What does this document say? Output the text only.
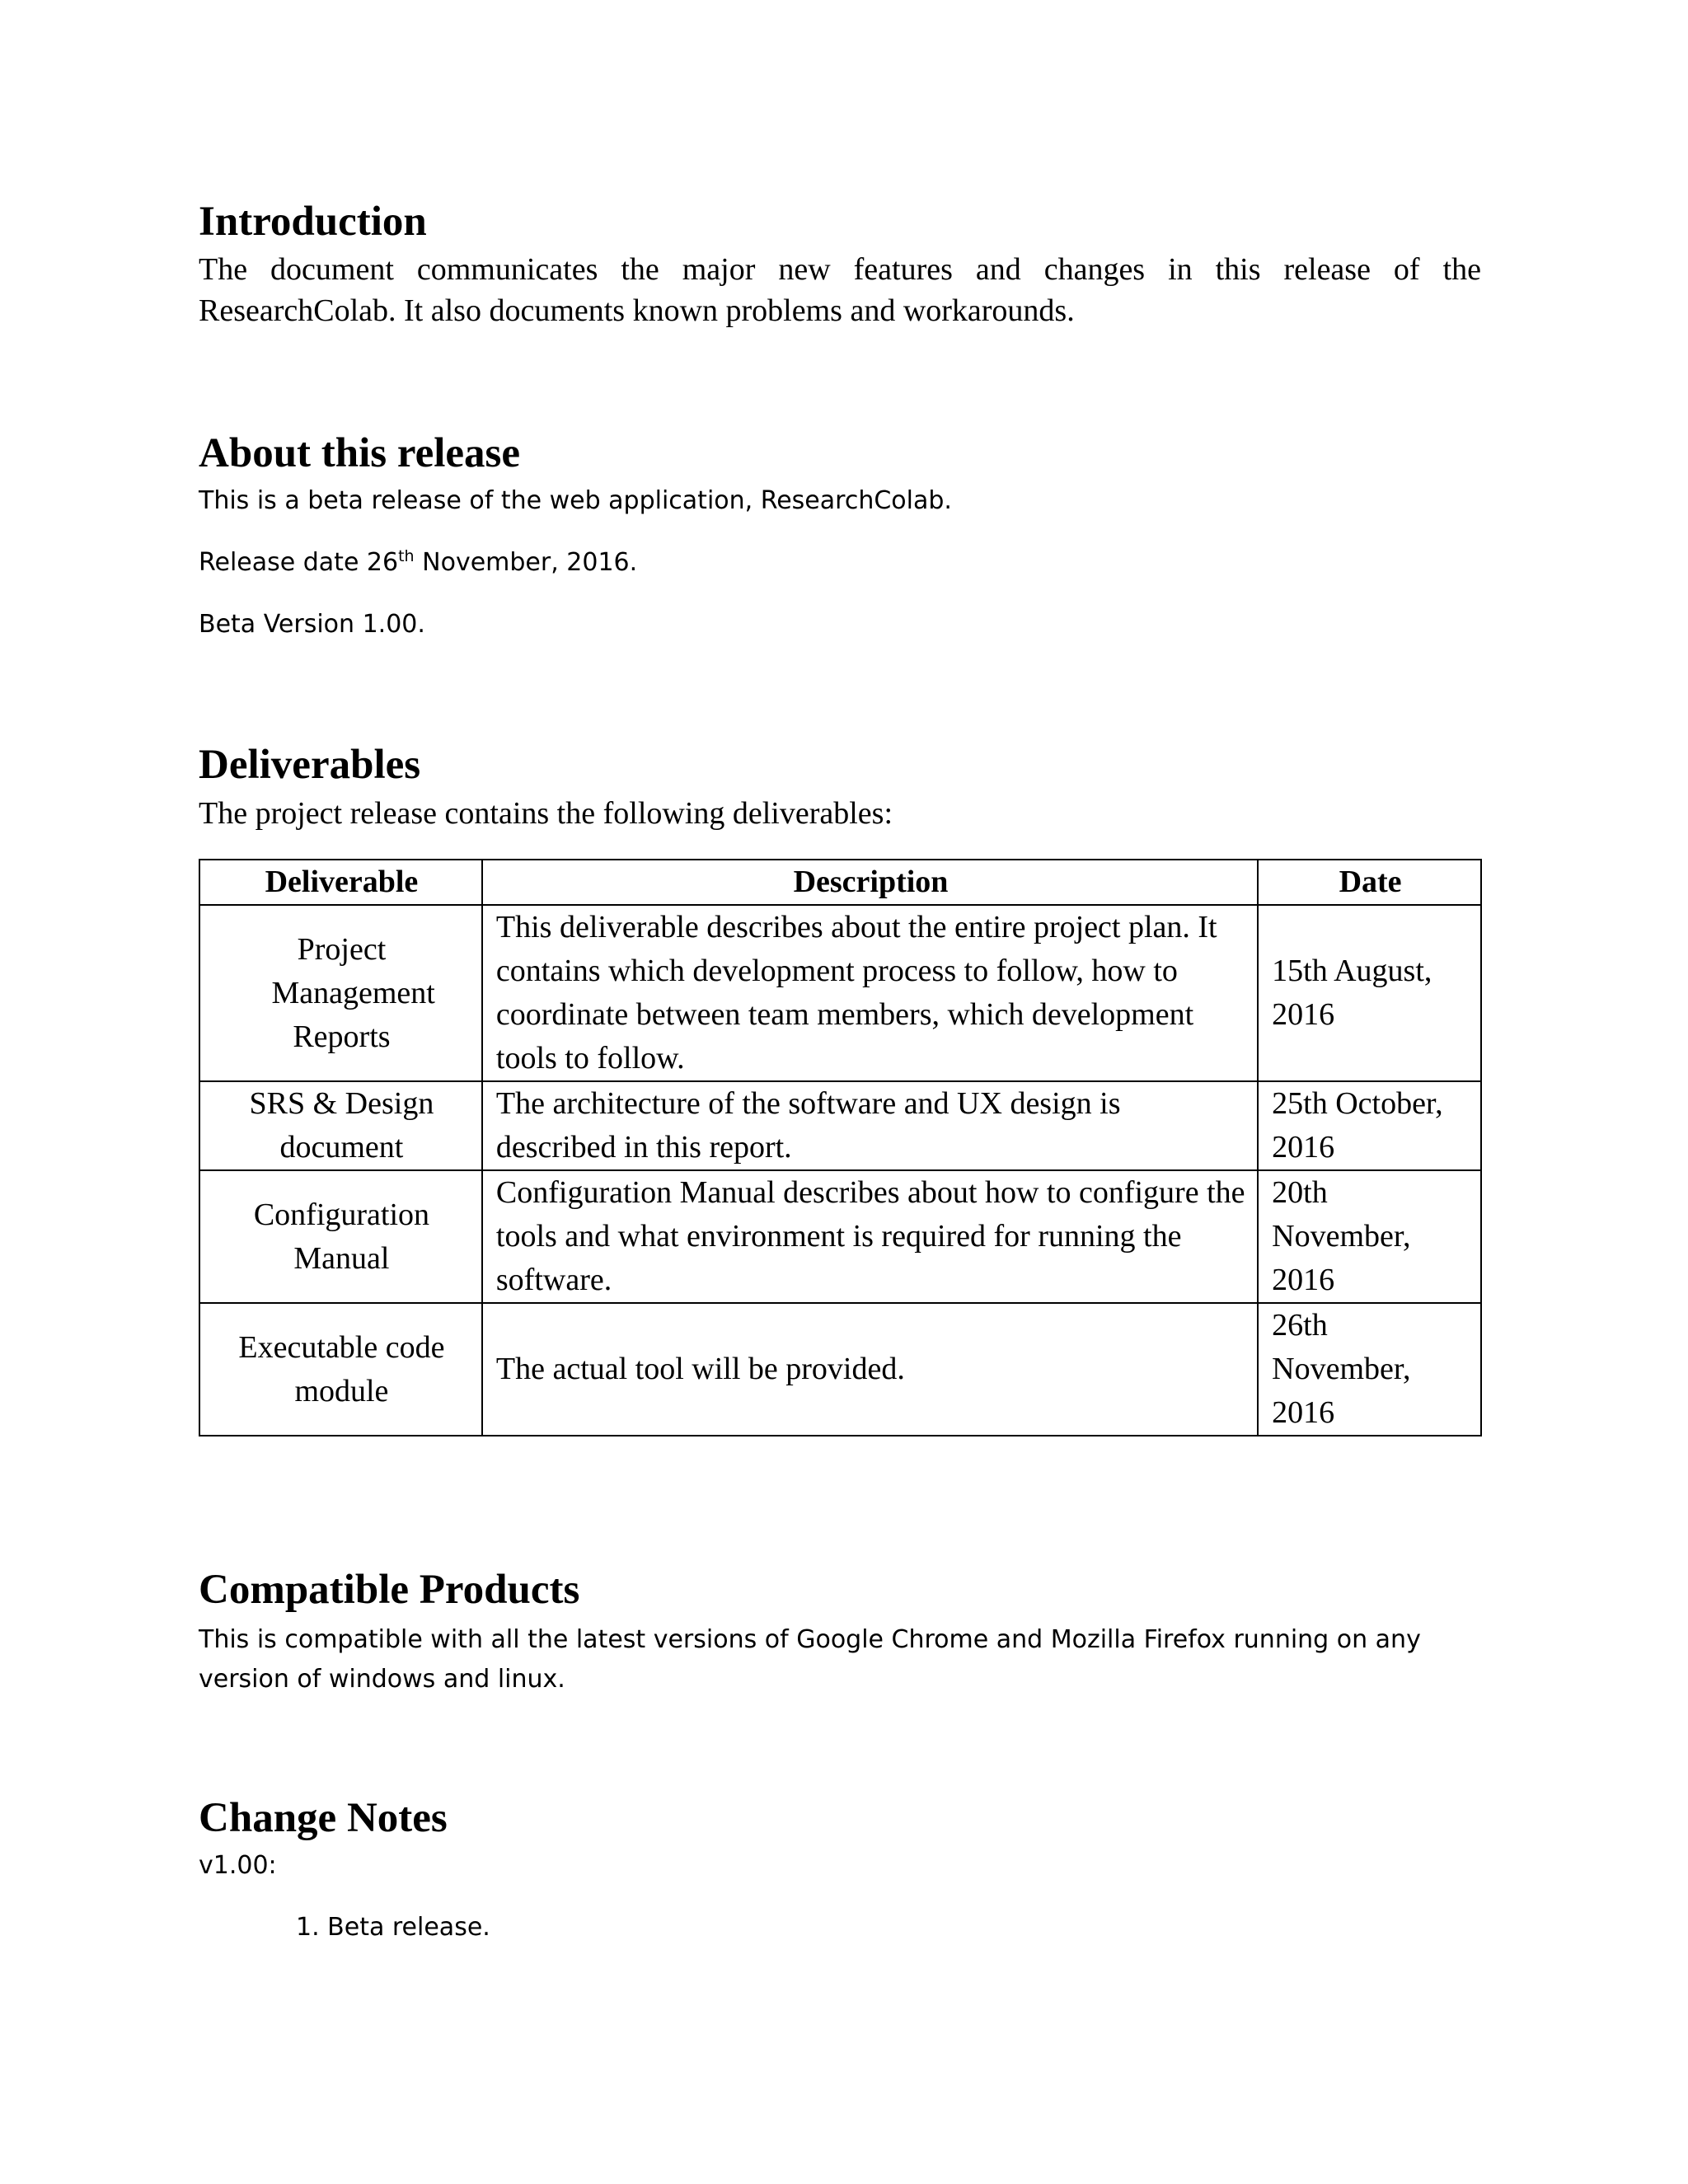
Introduction

The document communicates the major new features and changes in this release of the ResearchColab. It also documents known problems and workarounds.

About this release

This is a beta release of the web application, ResearchColab.

Release date 26th November, 2016.

Beta Version 1.00.

Deliverables

The project release contains the following deliverables:

Deliverable	Description	Date

Project Management Reports	This deliverable describes about the entire project plan. It contains which development process to follow, how to coordinate between team members, which development tools to follow.	15th August, 2016

SRS & Design document	The architecture of the software and UX design is described in this report.	25th October, 2016

Configuration Manual	Configuration Manual describes about how to configure the tools and what environment is required for running the software.	20th November, 2016

Executable code module	The actual tool will be provided.	26th November, 2016
Compatible Products

This is compatible with all the latest versions of Google Chrome and Mozilla Firefox running on any version of windows and linux.

Change Notes

v1.00:

1. Beta release.
